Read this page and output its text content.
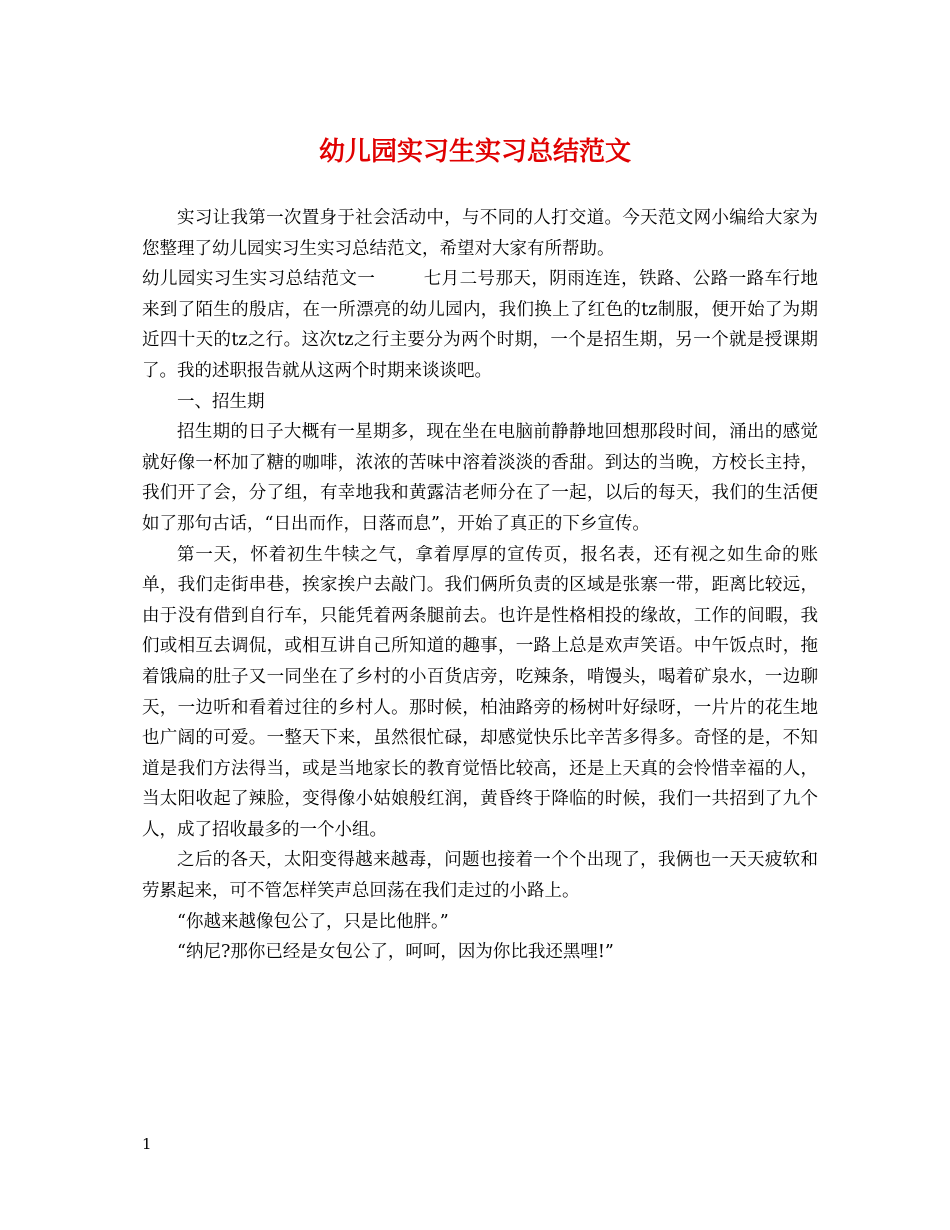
幼儿园实习生实习总结范文

实习让我第一次置身于社会活动中，与不同的人打交道。今天范文网小编给大家为您整理了幼儿园实习生实习总结范文，希望对大家有所帮助。

幼儿园实习生实习总结范文一	七月二号那天，阴雨连连，铁路、公路一路车行地来到了陌生的殷店，在一所漂亮的幼儿园内，我们换上了红色的tz制服，便开始了为期近四十天的tz之行。这次tz之行主要分为两个时期，一个是招生期，另一个就是授课期了。我的述职报告就从这两个时期来谈谈吧。

一、招生期

招生期的日子大概有一星期多，现在坐在电脑前静静地回想那段时间，涌出的感觉就好像一杯加了糖的咖啡，浓浓的苦味中溶着淡淡的香甜。到达的当晚，方校长主持，我们开了会，分了组，有幸地我和黄露洁老师分在了一起，以后的每天，我们的生活便如了那句古话，“日出而作，日落而息”，开始了真正的下乡宣传。

第一天，怀着初生牛犊之气，拿着厚厚的宣传页，报名表，还有视之如生命的账单，我们走街串巷，挨家挨户去敲门。我们俩所负责的区域是张寨一带，距离比较远，由于没有借到自行车，只能凭着两条腿前去。也许是性格相投的缘故，工作的间暇，我们或相互去调侃，或相互讲自己所知道的趣事，一路上总是欢声笑语。中午饭点时，拖着饿扁的肚子又一同坐在了乡村的小百货店旁，吃辣条，啃馒头，喝着矿泉水，一边聊天，一边听和看着过往的乡村人。那时候，柏油路旁的杨树叶好绿呀，一片片的花生地也广阔的可爱。一整天下来，虽然很忙碌，却感觉快乐比辛苦多得多。奇怪的是，不知道是我们方法得当，或是当地家长的教育觉悟比较高，还是上天真的会怜惜幸福的人，当太阳收起了辣脸，变得像小姑娘般红润，黄昏终于降临的时候，我们一共招到了九个人，成了招收最多的一个小组。

之后的各天，太阳变得越来越毒，问题也接着一个个出现了，我俩也一天天疲软和劳累起来，可不管怎样笑声总回荡在我们走过的小路上。

“你越来越像包公了，只是比他胖。”

“纳尼?那你已经是女包公了，呵呵，因为你比我还黑哩!”

1
